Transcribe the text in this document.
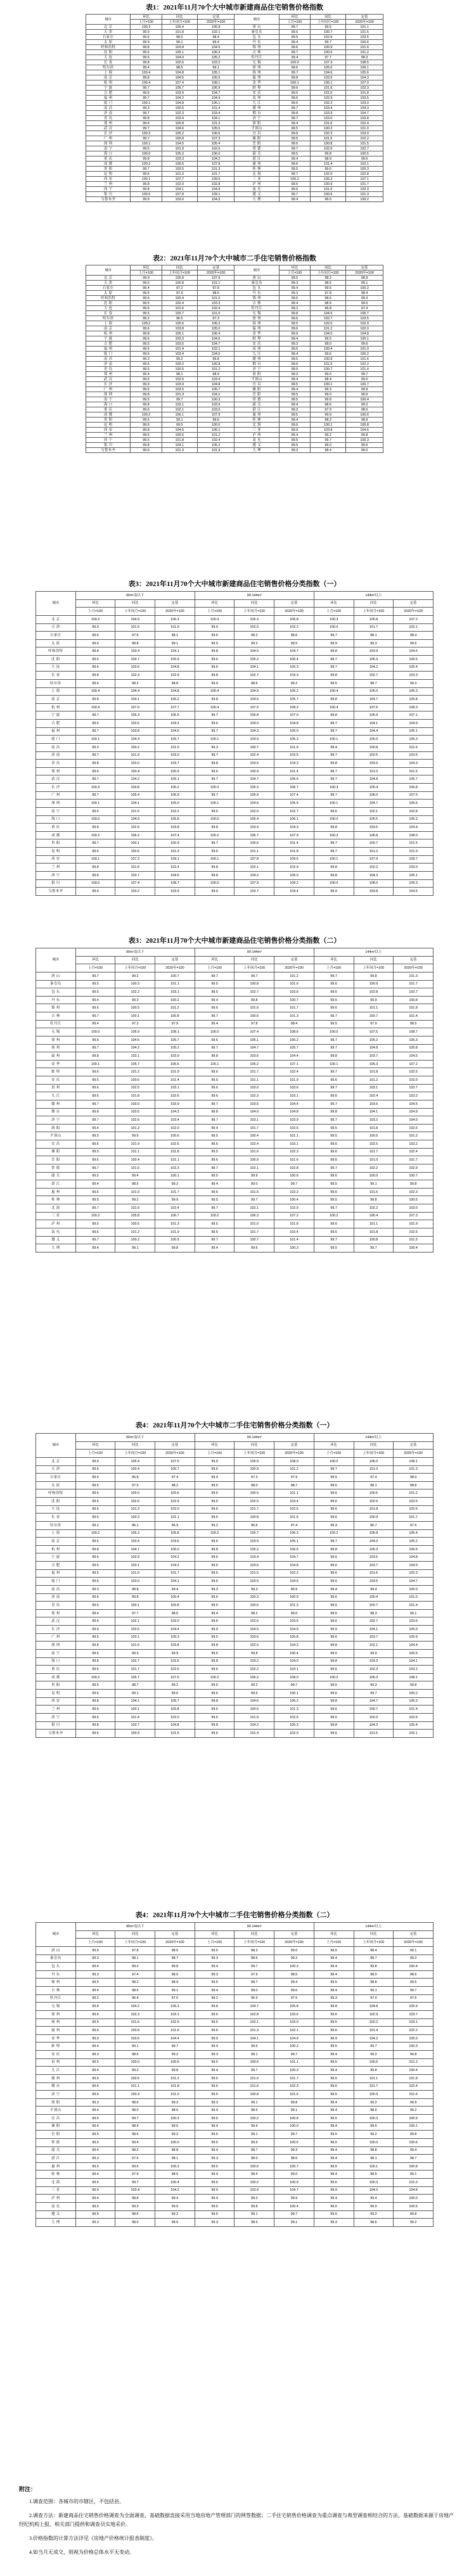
表1：2021年11月70个大中城市新建商品住宅销售价格指数
城市	环比	同比	定基	城市	环比	同比	定基
	上月=100	上年同月=100	2020年=100		上月=100	上年同月=100	2020年=100
北 京	100.3	105.4	106.8	唐 山	99.7	99.6	101.1
天 津	99.9	101.8	102.1	秦皇岛	99.5	100.7	101.5
石家庄	99.6	98.0	98.4	包 头	99.5	102.6	103.5
太 原	99.9	99.1	99.4	丹 东	99.4	99.7	100.6
呼和浩特	99.8	103.8	104.5	锦 州	99.6	100.9	101.6
沈 阳	99.6	105.1	106.3	吉 林	99.7	100.5	101.2
大 连	99.6	104.0	105.2	牡丹江	99.4	97.7	98.3
长 春	99.8	102.6	103.2	无 锡	100.0	107.3	108.5
哈尔滨	99.4	98.5	99.1	徐 州	99.6	105.0	106.1
上 海	100.4	104.8	105.1	扬 州	99.7	104.6	105.6
南 京	99.8	104.5	105.6	温 州	99.8	103.5	104.3
杭 州	100.4	107.4	108.1	金 华	100.1	106.1	107.0
宁 波	99.7	105.7	106.9	蚌 埠	99.6	101.6	102.3
合 肥	99.6	103.9	104.7	安 庆	99.5	101.0	101.8
福 州	99.7	104.2	104.9	泉 州	99.6	102.9	103.5
厦 门	100.1	104.8	106.1	九 江	99.6	102.2	103.0
南 昌	99.3	100.6	101.4	赣 州	99.7	103.4	104.3
济 南	99.7	102.3	103.4	烟 台	99.8	103.9	104.7
青 岛	99.8	103.4	104.1	济 宁	99.7	103.0	103.8
郑 州	99.6	100.8	101.3	洛 阳	99.4	101.6	102.4
武 汉	99.7	104.6	105.5	平顶山	99.5	100.3	101.0
长 沙	100.3	105.2	106.6	宜 昌	99.6	102.3	103.0
广 州	99.7	105.8	107.3	襄 阳	99.5	101.5	102.2
深 圳	100.1	104.5	105.4	岳 阳	99.6	100.8	101.5
南 宁	99.5	101.9	102.6	常 德	99.7	102.0	102.7
海 口	100.0	105.3	106.0	韶 关	99.5	99.8	100.5
重 庆	99.8	103.3	104.2	湛 江	99.4	98.9	99.6
成 都	100.2	106.6	107.8	惠 州	99.6	101.4	102.1
贵 阳	99.7	100.5	101.3	桂 林	99.5	99.6	100.3
昆 明	99.6	101.0	101.7	北 海	99.7	102.0	102.8
西 安	100.1	107.7	109.5	三 亚	100.2	106.2	107.1
兰 州	99.8	102.0	102.8	泸 州	99.5	100.9	101.7
西 宁	99.8	104.1	104.9	南 充	99.6	101.6	102.3
银 川	100.0	107.8	109.1	遵 义	99.7	100.6	101.3
乌鲁木齐	99.9	103.6	104.3	大 理	99.4	99.5	100.2
表2：2021年11月70个大中城市二手住宅销售价格指数
城市	环比	同比	定基	城市	环比	同比	定基
	上月=100	上年同月=100	2020年=100		上月=100	上年同月=100	2020年=100
北 京	99.9	105.8	107.9	唐 山	99.5	98.2	98.9
天 津	99.6	100.8	101.1	秦皇岛	99.3	98.5	99.1
石家庄	99.4	97.2	97.8	包 头	99.4	99.6	100.2
太 原	99.5	97.9	98.6	丹 东	99.3	97.8	98.4
呼和浩特	99.6	100.4	101.0	锦 州	99.5	98.6	99.3
沈 阳	99.5	102.4	103.3	吉 林	99.4	98.9	99.5
大 连	99.6	101.6	102.4	牡丹江	99.2	96.8	97.4
长 春	99.5	100.7	101.5	无 锡	99.8	104.6	105.7
哈尔滨	99.2	96.5	97.3	徐 州	99.6	102.7	103.5
上 海	100.2	105.6	106.2	扬 州	99.5	102.0	102.9
南 京	99.6	103.8	105.0	温 州	99.6	101.2	102.0
杭 州	99.8	105.1	106.4	金 华	99.9	104.0	104.8
宁 波	99.6	103.3	104.6	蚌 埠	99.4	99.5	100.1
合 肥	99.5	103.5	104.7	安 庆	99.3	99.0	99.6
福 州	99.5	101.4	102.1	泉 州	99.5	100.4	101.0
厦 门	99.6	103.4	104.5	九 江	99.4	99.6	100.2
南 昌	99.3	99.2	99.8	赣 州	99.5	100.9	101.6
济 南	99.6	100.2	100.8	烟 台	99.6	101.5	102.2
青 岛	99.5	100.5	101.2	济 宁	99.5	100.7	101.4
郑 州	99.4	98.1	98.9	洛 阳	99.3	99.0	99.7
武 汉	99.6	102.5	103.4	平顶山	99.4	98.4	99.0
长 沙	99.9	103.9	104.8	宜 昌	99.5	100.1	100.7
广 州	99.5	103.5	105.7	襄 阳	99.4	99.3	99.9
深 圳	99.8	101.9	104.2	岳 阳	99.5	99.0	99.6
南 宁	99.5	99.7	100.3	常 德	99.5	99.8	100.4
海 口	99.8	103.1	103.9	韶 关	99.4	98.6	99.2
重 庆	99.6	102.1	103.0	湛 江	99.3	97.9	98.5
成 都	100.2	106.1	107.9	惠 州	99.5	99.9	100.6
贵 阳	99.5	99.1	99.6	桂 林	99.4	98.3	98.9
昆 明	99.6	99.5	100.0	北 海	99.6	100.1	100.8
西 安	99.8	104.5	106.1	三 亚	99.9	103.8	104.6
兰 州	99.6	100.5	101.2	泸 州	99.4	99.2	99.8
西 宁	99.5	101.8	102.4	南 充	99.5	99.7	100.3
银 川	99.8	104.1	105.2	遵 义	99.5	99.0	99.6
乌鲁木齐	99.6	101.3	101.9	大 理	99.3	98.4	99.0
表3：2021年11月70个大中城市新建商品住宅销售价格分类指数（一）
城市	90m²及以下			90-144m²			144m²以上		
	环比	同比	定基	环比	同比	定基	环比	同比	定基
	上月=100	上年同月=100	2020年=100	上月=100	上年同月=100	2020年=100	上月=100	上年同月=100	2020年=100
北 京	100.2	104.9	106.3	100.3	105.3	106.8	100.3	105.8	107.2
天 津	99.9	101.5	101.9	99.9	102.0	102.2	100.0	101.7	102.1
石家庄	99.6	97.6	98.1	99.6	98.2	98.6	99.7	98.1	98.4
太 原	99.9	98.8	99.1	99.9	99.2	99.5	99.9	99.3	99.6
呼和浩特	99.8	103.4	104.1	99.8	104.0	104.7	99.8	103.9	104.6
沈 阳	99.6	104.7	105.9	99.6	105.2	106.4	99.7	105.3	106.5
大 连	99.6	103.6	104.8	99.6	104.1	105.3	99.7	104.2	105.4
长 春	99.8	102.3	102.9	99.8	102.7	103.3	99.8	102.7	103.3
哈尔滨	99.4	98.2	98.8	99.4	98.6	99.2	99.5	98.7	99.3
上 海	100.4	104.4	104.8	100.4	104.9	105.2	100.4	105.0	105.3
南 京	99.8	104.1	105.2	99.8	104.6	105.7	99.8	104.7	105.8
杭 州	100.4	107.0	107.7	100.4	107.5	108.2	100.4	107.6	108.3
宁 波	99.7	105.3	106.5	99.7	105.8	107.0	99.8	105.9	107.1
合 肥	99.6	103.5	104.3	99.6	104.0	104.8	99.7	104.1	104.9
福 州	99.7	103.8	104.5	99.7	104.3	105.0	99.7	104.4	105.1
厦 门	100.1	104.4	105.7	100.1	104.9	106.2	100.1	105.0	106.3
南 昌	99.3	100.2	101.0	99.3	100.7	101.5	99.4	100.8	101.6
济 南	99.7	101.9	103.0	99.7	102.4	103.5	99.7	102.5	103.6
青 岛	99.8	103.0	103.7	99.8	103.5	104.2	99.8	103.6	104.3
郑 州	99.6	100.4	100.9	99.6	100.9	101.4	99.7	101.0	101.5
武 汉	99.7	104.2	105.1	99.7	104.7	105.6	99.7	104.8	105.7
长 沙	100.3	104.8	106.2	100.3	105.3	106.7	100.3	105.4	106.8
广 州	99.7	105.4	106.9	99.7	105.9	107.4	99.7	106.0	107.5
深 圳	100.1	104.1	105.0	100.1	104.6	105.5	100.1	104.7	105.6
南 宁	99.5	101.5	102.2	99.5	102.0	102.7	99.6	102.1	102.8
海 口	100.0	104.9	105.6	100.0	105.4	106.1	100.0	105.5	106.2
重 庆	99.8	102.9	103.8	99.8	103.4	104.3	99.8	103.5	104.4
成 都	100.2	106.2	107.4	100.2	106.7	107.9	100.2	106.8	108.0
贵 阳	99.7	100.1	100.9	99.7	100.6	101.4	99.7	100.7	101.5
昆 明	99.6	100.6	101.3	99.6	101.1	101.8	99.7	101.2	101.9
西 安	100.1	107.3	109.1	100.1	107.8	109.6	100.1	107.9	109.7
兰 州	99.8	101.6	102.4	99.8	102.1	102.9	99.8	102.2	103.0
西 宁	99.8	103.7	104.5	99.8	104.2	105.0	99.8	104.3	105.1
银 川	100.0	107.4	108.7	100.0	107.9	109.2	100.0	108.0	109.3
乌鲁木齐	99.9	103.2	103.9	99.9	103.7	104.4	99.9	103.8	104.5
表3：2021年11月70个大中城市新建商品住宅销售价格分类指数（二）
城市	90m²及以下			90-144m²			144m²以上		
	环比	同比	定基	环比	同比	定基	环比	同比	定基
	上月=100	上年同月=100	2020年=100	上月=100	上年同月=100	2020年=100	上月=100	上年同月=100	2020年=100
唐 山	99.7	99.2	100.7	99.7	99.7	101.2	99.7	99.8	101.3
秦皇岛	99.5	100.3	101.1	99.5	100.8	101.6	99.6	100.9	101.7
包 头	99.5	102.2	103.1	99.5	102.7	103.6	99.6	102.8	103.7
丹 东	99.4	99.3	100.2	99.4	99.8	100.7	99.5	99.9	100.8
锦 州	99.6	100.5	101.2	99.6	101.0	101.7	99.6	101.1	101.8
吉 林	99.7	100.1	100.8	99.7	100.6	101.3	99.7	100.7	101.4
牡丹江	99.4	97.3	97.9	99.4	97.8	98.4	99.5	97.9	98.5
无 锡	100.0	106.9	108.1	100.0	107.4	108.6	100.0	107.5	108.7
徐 州	99.6	104.6	105.7	99.6	105.1	106.2	99.7	105.2	106.3
扬 州	99.7	104.2	105.2	99.7	104.7	105.7	99.7	104.8	105.8
温 州	99.8	103.1	103.9	99.8	103.6	104.4	99.8	103.7	104.5
金 华	100.1	105.7	106.6	100.1	106.2	107.1	100.1	106.3	107.2
蚌 埠	99.6	101.2	101.9	99.6	101.7	102.4	99.7	101.8	102.5
安 庆	99.5	100.6	101.4	99.5	101.1	101.9	99.6	101.2	102.0
泉 州	99.6	102.5	103.1	99.6	103.0	103.6	99.7	103.1	103.7
九 江	99.6	101.8	102.6	99.6	102.3	103.1	99.6	102.4	103.2
赣 州	99.7	103.0	103.9	99.7	103.5	104.4	99.7	103.6	104.5
烟 台	99.8	103.5	104.3	99.8	104.0	104.8	99.8	104.1	104.9
济 宁	99.7	102.6	103.4	99.7	103.1	103.9	99.7	103.2	104.0
洛 阳	99.4	101.2	102.0	99.4	101.7	102.5	99.5	101.8	102.6
平顶山	99.5	99.9	100.6	99.5	100.4	101.1	99.5	100.5	101.2
宜 昌	99.6	101.9	102.6	99.6	102.4	103.1	99.6	102.5	103.2
襄 阳	99.5	101.1	101.8	99.5	101.6	102.3	99.6	101.7	102.4
岳 阳	99.6	100.4	101.1	99.6	100.9	101.6	99.6	101.0	101.7
常 德	99.7	101.6	102.3	99.7	102.1	102.8	99.7	102.2	102.9
韶 关	99.5	99.4	100.1	99.5	99.9	100.6	99.6	100.0	100.7
湛 江	99.4	98.5	99.2	99.4	99.0	99.7	99.5	99.1	99.8
惠 州	99.6	101.0	101.7	99.6	101.5	102.2	99.6	101.6	102.3
桂 林	99.5	99.2	99.9	99.5	99.7	100.4	99.5	99.8	100.5
北 海	99.7	101.6	102.4	99.7	102.1	102.9	99.7	102.2	103.0
三 亚	100.2	105.8	106.7	100.2	106.3	107.2	100.2	106.4	107.3
泸 州	99.5	100.5	101.3	99.5	101.0	101.8	99.6	101.1	101.9
南 充	99.6	101.2	101.9	99.6	101.7	102.4	99.6	101.8	102.5
遵 义	99.7	100.2	100.9	99.7	100.7	101.4	99.7	100.8	101.5
大 理	99.4	99.1	99.8	99.4	99.6	100.3	99.5	99.7	100.4
表4：2021年11月70个大中城市二手住宅销售价格分类指数（一）
城市	90m²及以下			90-144m²			144m²以上		
	环比	同比	定基	环比	同比	定基	环比	同比	定基
	上月=100	上年同月=100	2020年=100	上月=100	上年同月=100	2020年=100	上月=100	上年同月=100	2020年=100
北 京	99.9	105.4	107.5	99.9	105.9	108.0	100.0	106.0	108.1
天 津	99.6	100.4	100.7	99.6	100.9	101.2	99.7	101.0	101.3
石家庄	99.4	96.8	97.4	99.4	97.3	97.9	99.5	97.4	98.0
太 原	99.5	97.5	98.2	99.5	98.0	98.7	99.5	98.1	98.8
呼和浩特	99.6	100.0	100.6	99.6	100.5	101.1	99.6	100.6	101.2
沈 阳	99.5	102.0	102.9	99.5	102.5	103.4	99.6	102.6	103.5
大 连	99.6	101.2	102.0	99.6	101.7	102.5	99.6	101.8	102.6
长 春	99.5	100.3	101.1	99.5	100.8	101.6	99.6	100.9	101.7
哈尔滨	99.2	96.1	96.9	99.2	96.6	97.4	99.3	96.7	97.5
上 海	100.2	105.2	105.8	100.2	105.7	106.3	100.2	105.8	106.4
南 京	99.6	103.4	104.6	99.6	103.9	105.1	99.7	104.0	105.2
杭 州	99.8	104.7	106.0	99.8	105.2	106.5	99.8	105.3	106.6
宁 波	99.6	102.9	104.2	99.6	103.4	104.7	99.6	103.5	104.8
合 肥	99.5	103.1	104.3	99.5	103.6	104.8	99.6	103.7	104.9
福 州	99.5	101.0	101.7	99.5	101.5	102.2	99.6	101.6	102.3
厦 门	99.6	103.0	104.1	99.6	103.5	104.6	99.6	103.6	104.7
南 昌	99.3	98.8	99.4	99.3	99.3	99.9	99.4	99.4	100.0
济 南	99.6	99.8	100.4	99.6	100.3	100.9	99.6	100.4	101.0
青 岛	99.5	100.1	100.8	99.5	100.6	101.3	99.6	100.7	101.4
郑 州	99.4	97.7	98.5	99.4	98.2	99.0	99.5	98.3	99.1
武 汉	99.6	102.1	103.0	99.6	102.6	103.5	99.6	102.7	103.6
长 沙	99.9	103.5	104.4	99.9	104.0	104.9	99.9	104.1	105.0
广 州	99.5	103.1	105.3	99.5	103.6	105.8	99.6	103.7	105.9
深 圳	99.8	101.5	103.8	99.8	102.0	104.3	99.8	102.1	104.4
南 宁	99.5	99.3	99.9	99.5	99.8	100.4	99.5	99.9	100.5
海 口	99.8	102.7	103.5	99.8	103.2	104.0	99.8	103.3	104.1
重 庆	99.6	101.7	102.6	99.6	102.2	103.1	99.6	102.3	103.2
成 都	100.2	105.7	107.5	100.2	106.2	108.0	100.2	106.3	108.1
贵 阳	99.5	98.7	99.2	99.5	99.2	99.7	99.5	99.3	99.8
昆 明	99.6	99.1	99.6	99.6	99.6	100.1	99.6	99.7	100.2
西 安	99.8	104.1	105.7	99.8	104.6	106.2	99.8	104.7	106.3
兰 州	99.6	100.1	100.8	99.6	100.6	101.3	99.6	100.7	101.4
西 宁	99.5	101.4	102.0	99.5	101.9	102.5	99.5	102.0	102.6
银 川	99.8	103.7	104.8	99.8	104.2	105.3	99.8	104.3	105.4
乌鲁木齐	99.6	100.9	101.5	99.6	101.4	102.0	99.6	101.5	102.1
表4：2021年11月70个大中城市二手住宅销售价格分类指数（二）
城市	90m²及以下			90-144m²			144m²以上		
	环比	同比	定基	环比	同比	定基	环比	同比	定基
	上月=100	上年同月=100	2020年=100	上月=100	上年同月=100	2020年=100	上月=100	上年同月=100	2020年=100
唐 山	99.5	97.8	98.5	99.5	98.3	99.0	99.5	98.4	99.1
秦皇岛	99.3	98.1	98.7	99.3	98.6	99.2	99.4	98.7	99.3
包 头	99.4	99.2	99.8	99.4	99.7	100.3	99.4	99.8	100.4
丹 东	99.3	97.4	98.0	99.3	97.9	98.5	99.4	98.0	98.6
锦 州	99.5	98.2	98.9	99.5	98.7	99.4	99.5	98.8	99.5
吉 林	99.4	98.5	99.1	99.4	99.0	99.6	99.4	99.1	99.7
牡丹江	99.2	96.4	97.0	99.2	96.9	97.5	99.3	97.0	97.6
无 锡	99.8	104.2	105.3	99.8	104.7	105.8	99.8	104.8	105.9
徐 州	99.6	102.3	103.1	99.6	102.8	103.6	99.6	102.9	103.7
扬 州	99.5	101.6	102.5	99.5	102.1	103.0	99.5	102.2	103.1
温 州	99.6	100.8	101.6	99.6	101.3	102.1	99.6	101.4	102.2
金 华	99.9	103.6	104.4	99.9	104.1	104.9	99.9	104.2	105.0
蚌 埠	99.4	99.1	99.7	99.4	99.6	100.2	99.5	99.7	100.3
安 庆	99.3	98.6	99.2	99.3	99.1	99.7	99.4	99.2	99.8
泉 州	99.5	100.0	100.6	99.5	100.5	101.1	99.5	100.6	101.2
九 江	99.4	99.2	99.8	99.4	99.7	100.3	99.4	99.8	100.4
赣 州	99.5	100.5	101.2	99.5	101.0	101.7	99.5	101.1	101.8
烟 台	99.6	101.1	101.8	99.6	101.6	102.3	99.6	101.7	102.4
济 宁	99.5	100.3	101.0	99.5	100.8	101.5	99.5	100.9	101.6
洛 阳	99.3	98.6	99.3	99.3	99.1	99.8	99.4	99.2	99.9
平顶山	99.4	98.0	98.6	99.4	98.5	99.1	99.4	98.6	99.2
宜 昌	99.5	99.7	100.3	99.5	100.2	100.8	99.5	100.3	100.9
襄 阳	99.4	98.9	99.5	99.4	99.4	100.0	99.4	99.5	100.1
岳 阳	99.5	98.6	99.2	99.5	99.1	99.7	99.5	99.2	99.8
常 德	99.5	99.4	100.0	99.5	99.9	100.5	99.5	100.0	100.6
韶 关	99.4	98.2	98.8	99.4	98.7	99.3	99.4	98.8	99.4
湛 江	99.3	97.5	98.1	99.3	98.0	98.6	99.4	98.1	98.7
惠 州	99.5	99.5	100.2	99.5	100.0	100.7	99.5	100.1	100.8
桂 林	99.4	97.9	98.5	99.4	98.4	99.0	99.4	98.5	99.1
北 海	99.6	99.7	100.4	99.6	100.2	100.9	99.6	100.3	101.0
三 亚	99.9	103.4	104.2	99.9	103.9	104.7	99.9	104.0	104.8
泸 州	99.4	98.8	99.4	99.4	99.3	99.9	99.4	99.4	100.0
南 充	99.5	99.3	99.9	99.5	99.8	100.4	99.5	99.9	100.5
遵 义	99.5	98.6	99.2	99.5	99.1	99.7	99.5	99.2	99.8
大 理	99.3	98.0	98.6	99.3	98.5	99.1	99.3	98.6	99.2
附注：

1.调查范围：各城市的市辖区，不包括县。

2.调查方法：新建商品住宅销售价格调查为全面调查，基础数据直接采用当地房地产管理部门的网签数据；二手住宅销售价格调查为重点调查与典型调查相结合的方法，基础数据来源于房地产经纪机构上报、相关部门提供和调查员实地采价。

3.价格指数的计算方法详见《房地产价格统计报表制度》。

4.如当月无成交，则视为价格总体水平无变动。
